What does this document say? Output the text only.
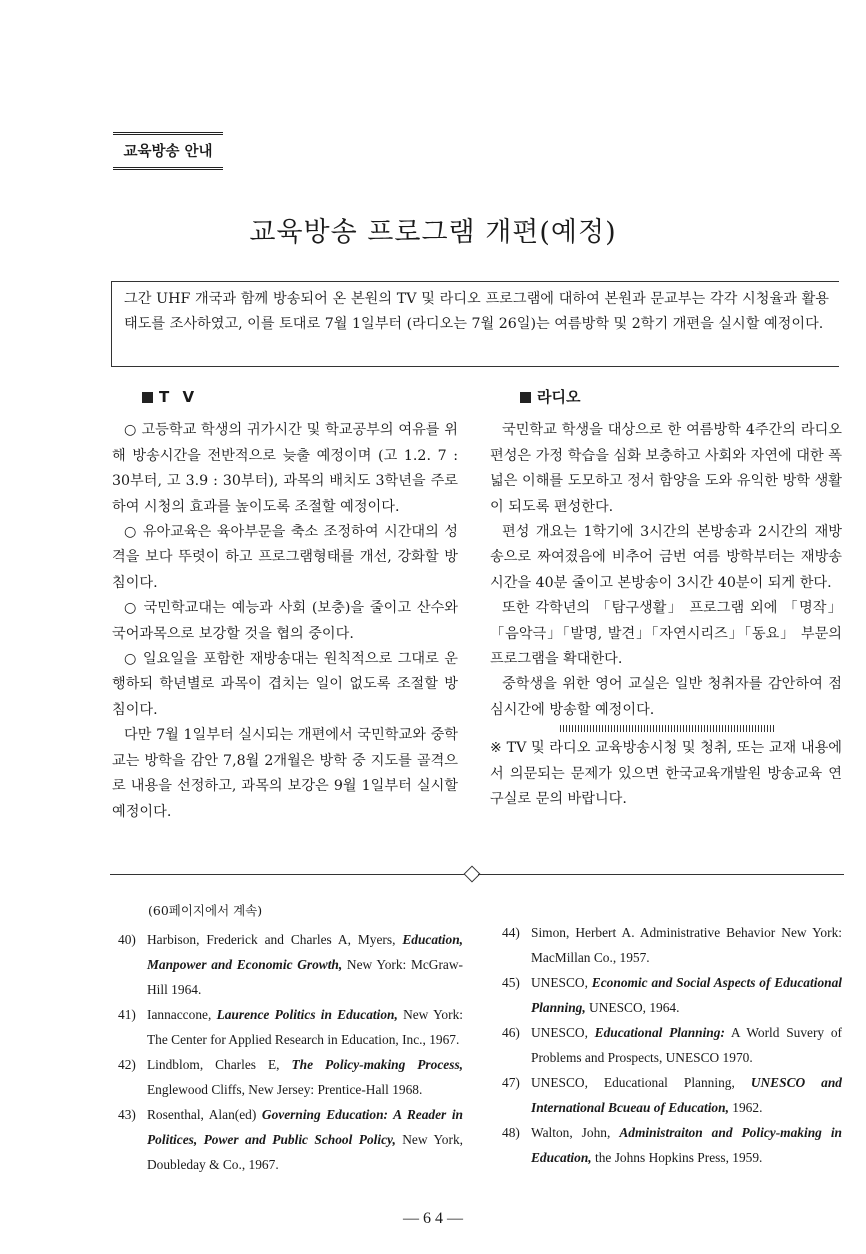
교육방송 안내
교육방송 프로그램 개편(예정)
그간 UHF 개국과 함께 방송되어 온 본원의 TV 및 라디오 프로그램에 대하여 본원과 문교부는 각각 시청율과 활용태도를 조사하였고, 이를 토대로 7월 1일부터 (라디오는 7월 26일)는 여름방학 및 2학기 개편을 실시할 예정이다.
T V

○ 고등학교 학생의 귀가시간 및 학교공부의 여유를 위해 방송시간을 전반적으로 늦출 예정이며 (고 1.2. 7 : 30부터, 고 3.9 : 30부터), 과목의 배치도 3학년을 주로하여 시청의 효과를 높이도록 조절할 예정이다.

○ 유아교육은 육아부문을 축소 조정하여 시간대의 성격을 보다 뚜렷이 하고 프로그램형태를 개선, 강화할 방침이다.

○ 국민학교대는 예능과 사회 (보충)을 줄이고 산수와 국어과목으로 보강할 것을 협의 중이다.

○ 일요일을 포함한 재방송대는 원칙적으로 그대로 운행하되 학년별로 과목이 겹치는 일이 없도록 조절할 방침이다.

다만 7월 1일부터 실시되는 개편에서 국민학교와 중학교는 방학을 감안 7,8월 2개월은 방학 중 지도를 골격으로 내용을 선정하고, 과목의 보강은 9월 1일부터 실시할 예정이다.

라디오

국민학교 학생을 대상으로 한 여름방학 4주간의 라디오 편성은 가정 학습을 심화 보충하고 사회와 자연에 대한 폭넓은 이해를 도모하고 정서 함양을 도와 유익한 방학 생활이 되도록 편성한다.

편성 개요는 1학기에 3시간의 본방송과 2시간의 재방송으로 짜여졌음에 비추어 금번 여름 방학부터는 재방송시간을 40분 줄이고 본방송이 3시간 40분이 되게 한다.

또한 각학년의 「탐구생활」 프로그램 외에 「명작」「음악극」「발명, 발견」「자연시리즈」「동요」 부문의 프로그램을 확대한다.

중학생을 위한 영어 교실은 일반 청취자를 감안하여 점심시간에 방송할 예정이다.

※ TV 및 라디오 교육방송시청 및 청취, 또는 교재 내용에서 의문되는 문제가 있으면 한국교육개발원 방송교육 연구실로 문의 바랍니다.

(60페이지에서 계속)
40) Harbison, Frederick and Charles A, Myers, Education, Manpower and Economic Growth, New York: McGraw-Hill 1964.
41) Iannaccone, Laurence Politics in Education, New York: The Center for Applied Research in Education, Inc., 1967.
42) Lindblom, Charles E, The Policy-making Process, Englewood Cliffs, New Jersey: Prentice-Hall 1968.
43) Rosenthal, Alan(ed) Governing Education: A Reader in Politices, Power and Public School Policy, New York, Doubleday & Co., 1967.
44) Simon, Herbert A. Administrative Behavior New York: MacMillan Co., 1957.
45) UNESCO, Economic and Social Aspects of Educational Planning, UNESCO, 1964.
46) UNESCO, Educational Planning: A World Suvery of Problems and Prospects, UNESCO 1970.
47) UNESCO, Educational Planning, UNESCO and International Bcueau of Education, 1962.
48) Walton, John, Administraiton and Policy-making in Education, the Johns Hopkins Press, 1959.
— 6 4 —
